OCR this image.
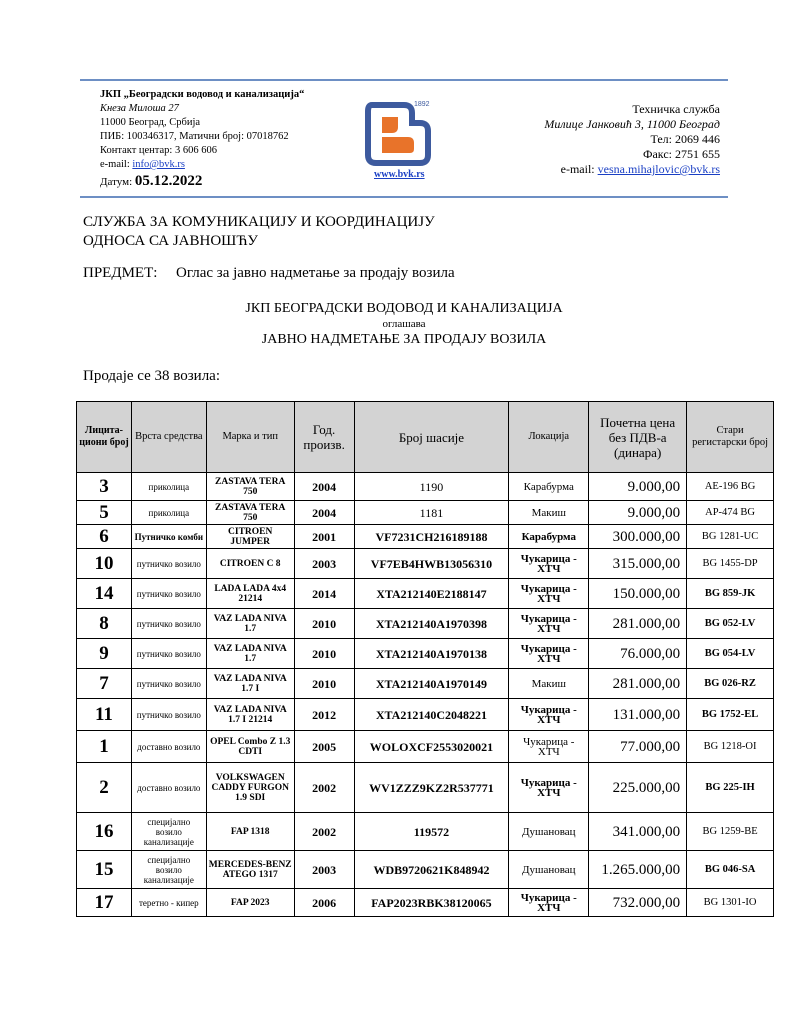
ЈКП „Београдски водовод и канализација“
Кнеза Милоша 27
11000 Београд, Србија
ПИБ: 100346317, Матични број: 07018762
Контакт центар: 3 606 606
e-mail: info@bvk.rs
Датум: 05.12.2022
1892
www.bvk.rs
Техничка служба
Милице Јанковић 3, 11000 Београд
Тел: 2069 446
Факс: 2751 655
e-mail: vesna.mihajlovic@bvk.rs
СЛУЖБА ЗА КОМУНИКАЦИЈУ И КООРДИНАЦИЈУ
ОДНОСА СА ЈАВНОШЋУ
ПРЕДМЕТ: Оглас за јавно надметање за продају возила
ЈКП БЕОГРАДСКИ ВОДОВОД И КАНАЛИЗАЦИЈА
оглашава
ЈАВНО НАДМЕТАЊЕ ЗА ПРОДАЈУ ВОЗИЛА
Продаје се 38 возила:
Лицита-циони број	Врста средства	Марка и тип	Год. произв.	Број шасије	Локација	Почетна цена без ПДВ-а (динара)	Стари регистарски број
3	приколица	ZASTAVA TERA 750	2004	1190	Карабурма	9.000,00	AE-196 BG
5	приколица	ZASTAVA TERA 750	2004	1181	Макиш	9.000,00	AP-474 BG
6	Путничко комби	CITROEN JUMPER	2001	VF7231CH216189188	Карабурма	300.000,00	BG 1281-UC
10	путничко возило	CITROEN C 8	2003	VF7EB4HWB13056310	Чукарица - ХТЧ	315.000,00	BG 1455-DP
14	путничко возило	LADA LADA 4x4 21214	2014	XTA212140E2188147	Чукарица - ХТЧ	150.000,00	BG 859-JK
8	путничко возило	VAZ LADA NIVA 1.7	2010	XTA212140A1970398	Чукарица - ХТЧ	281.000,00	BG 052-LV
9	путничко возило	VAZ LADA NIVA 1.7	2010	XTA212140A1970138	Чукарица - ХТЧ	76.000,00	BG 054-LV
7	путничко возило	VAZ LADA NIVA 1.7 I	2010	XTA212140A1970149	Макиш	281.000,00	BG 026-RZ
11	путничко возило	VAZ LADA NIVA 1.7 I 21214	2012	XTA212140C2048221	Чукарица - ХТЧ	131.000,00	BG 1752-EL
1	доставно возило	OPEL Combo Z 1.3 CDTI	2005	WOLOXCF2553020021	Чукарица - ХТЧ	77.000,00	BG 1218-OI
2	доставно возило	VOLKSWAGEN CADDY FURGON 1.9 SDI	2002	WV1ZZZ9KZ2R537771	Чукарица - ХТЧ	225.000,00	BG 225-IH
16	специјално возило канализације	FAP 1318	2002	119572	Душановац	341.000,00	BG 1259-BE
15	специјално возило канализације	MERCEDES-BENZ ATEGO 1317	2003	WDB9720621K848942	Душановац	1.265.000,00	BG 046-SA
17	теретно - кипер	FAP 2023	2006	FAP2023RBK38120065	Чукарица - ХТЧ	732.000,00	BG 1301-IO
